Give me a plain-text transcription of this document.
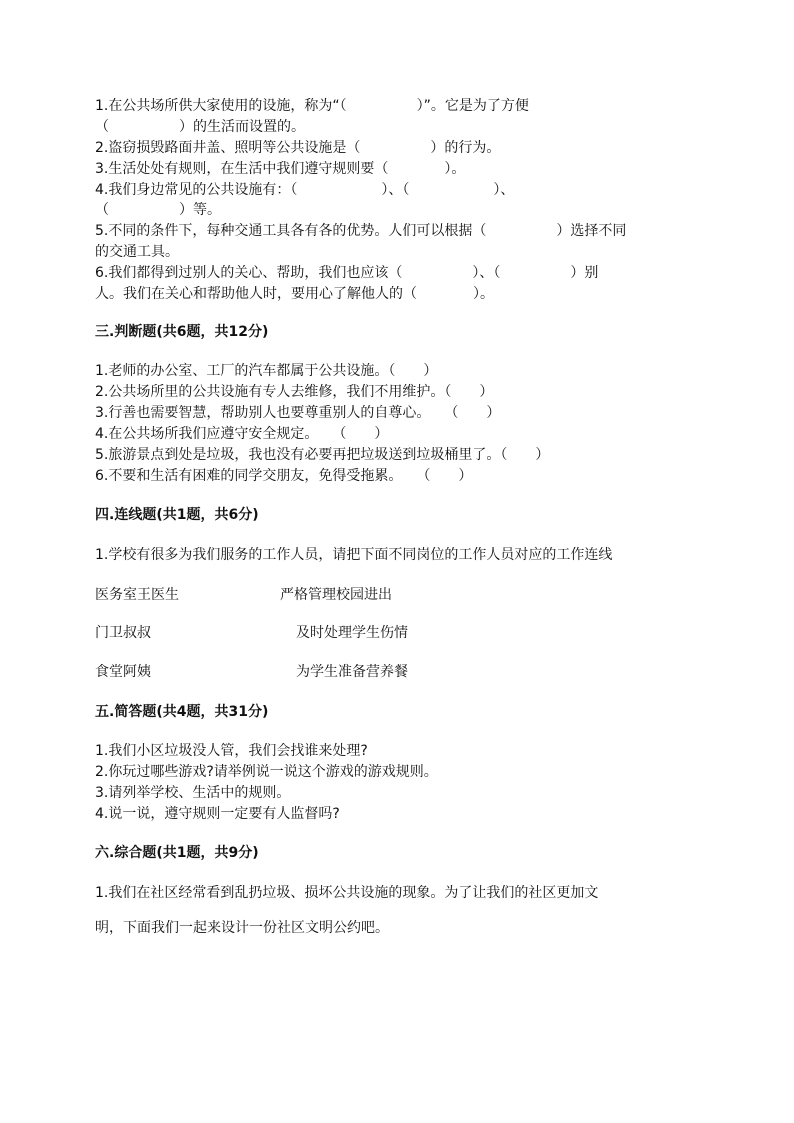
1.在公共场所供大家使用的设施，称为“（　　　　　）”。它是为了方便
（　　　　　）的生活而设置的。
2.盗窃损毁路面井盖、照明等公共设施是（　　　　　）的行为。
3.生活处处有规则，在生活中我们遵守规则要（　　　　）。
4.我们身边常见的公共设施有：（　　　　　　）、（　　　　　　）、
（　　　　　）等。
5.不同的条件下，每种交通工具各有各的优势。人们可以根据（　　　　　）选择不同
的交通工具。
6.我们都得到过别人的关心、帮助，我们也应该（　　　　　）、（　　　　　）别
人。我们在关心和帮助他人时，要用心了解他人的（　　　　）。
三.判断题(共6题，共12分)
1.老师的办公室、工厂的汽车都属于公共设施。（　　）
2.公共场所里的公共设施有专人去维修，我们不用维护。（　　）
3.行善也需要智慧，帮助别人也要尊重别人的自尊心。　　（　　）
4.在公共场所我们应遵守安全规定。　　（　　）
5.旅游景点到处是垃圾，我也没有必要再把垃圾送到垃圾桶里了。（　　）
6.不要和生活有困难的同学交朋友，免得受拖累。　　（　　）
四.连线题(共1题，共6分)
1.学校有很多为我们服务的工作人员，请把下面不同岗位的工作人员对应的工作连线
医务室王医生	严格管理校园进出
门卫叔叔	及时处理学生伤情
食堂阿姨	为学生准备营养餐
五.简答题(共4题，共31分)
1.我们小区垃圾没人管，我们会找谁来处理?
2.你玩过哪些游戏?请举例说一说这个游戏的游戏规则。
3.请列举学校、生活中的规则。
4.说一说，遵守规则一定要有人监督吗?
六.综合题(共1题，共9分)
1.我们在社区经常看到乱扔垃圾、损坏公共设施的现象。为了让我们的社区更加文
明，下面我们一起来设计一份社区文明公约吧。
